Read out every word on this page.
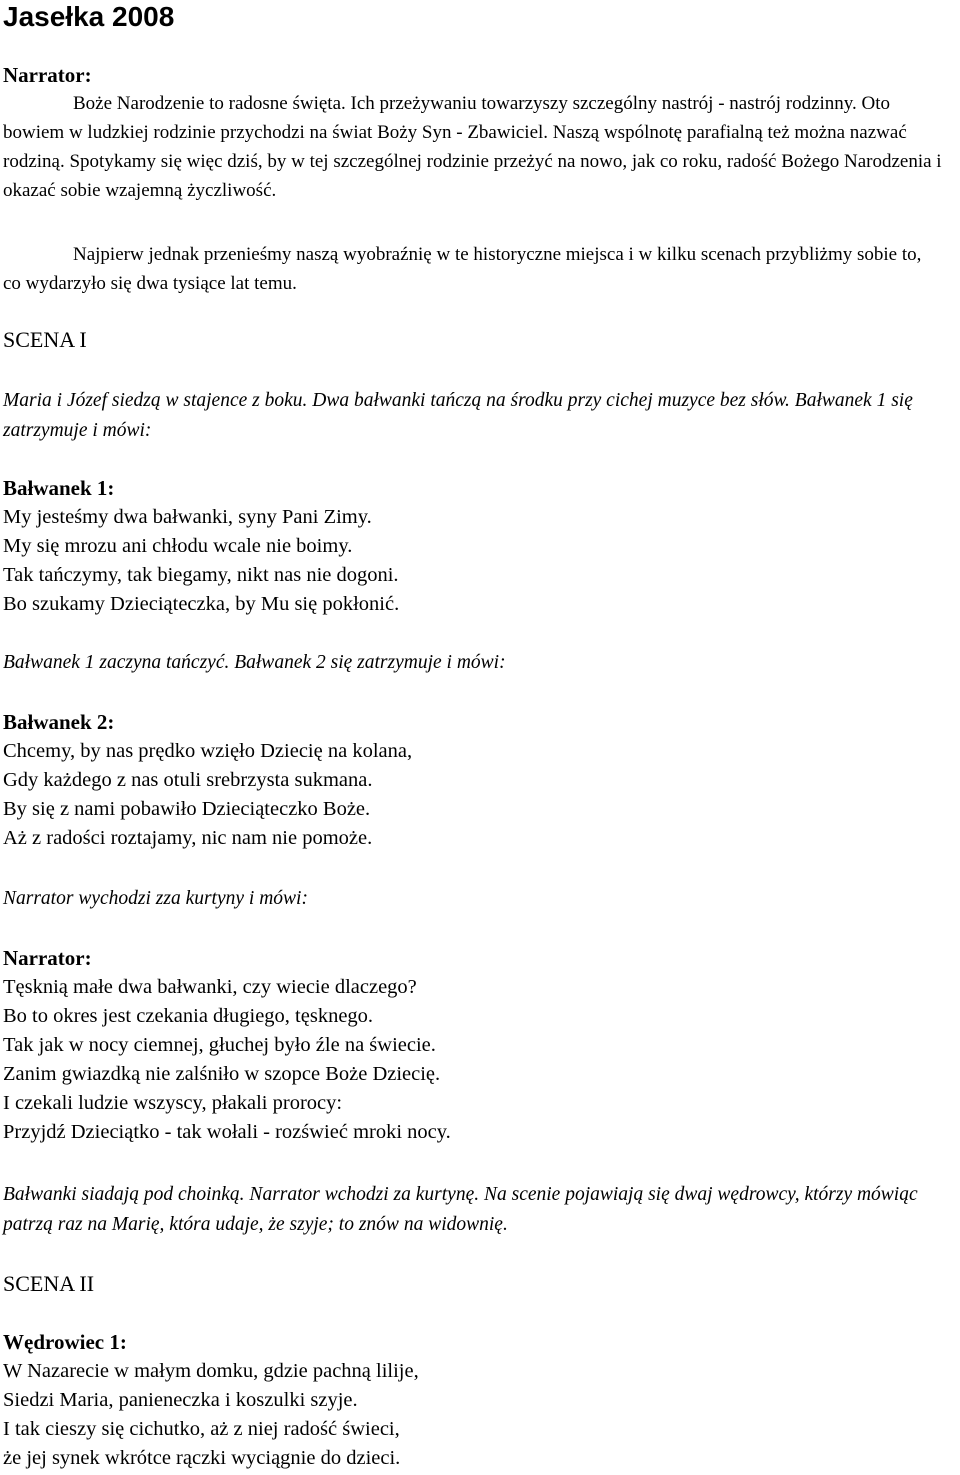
Jasełka 2008
Narrator:

Boże Narodzenie to radosne święta. Ich przeżywaniu towarzyszy szczególny nastrój - nastrój rodzinny. Oto bowiem w ludzkiej rodzinie przychodzi na świat Boży Syn - Zbawiciel. Naszą wspólnotę parafialną też można nazwać rodziną. Spotykamy się więc dziś, by w tej szczególnej rodzinie przeżyć na nowo, jak co roku, radość Bożego Narodzenia i okazać sobie wzajemną życzliwość.

Najpierw jednak przenieśmy naszą wyobraźnię w te historyczne miejsca i w kilku scenach przybliżmy sobie to, co wydarzyło się dwa tysiące lat temu.

SCENA I

Maria i Józef siedzą w stajence z boku. Dwa bałwanki tańczą na środku przy cichej muzyce bez słów. Bałwanek 1 się zatrzymuje i mówi:

Bałwanek 1:
My jesteśmy dwa bałwanki, syny Pani Zimy.
My się mrozu ani chłodu wcale nie boimy.
Tak tańczymy, tak biegamy, nikt nas nie dogoni.
Bo szukamy Dzieciąteczka, by Mu się pokłonić.

Bałwanek 1 zaczyna tańczyć. Bałwanek 2 się zatrzymuje i mówi:

Bałwanek 2:
Chcemy, by nas prędko wzięło Dziecię na kolana,
Gdy każdego z nas otuli srebrzysta sukmana.
By się z nami pobawiło Dzieciąteczko Boże.
Aż z radości roztajamy, nic nam nie pomoże.

Narrator wychodzi zza kurtyny i mówi:

Narrator:
Tęsknią małe dwa bałwanki, czy wiecie dlaczego?
Bo to okres jest czekania długiego, tęsknego.
Tak jak w nocy ciemnej, głuchej było źle na świecie.
Zanim gwiazdką nie zalśniło w szopce Boże Dziecię.
I czekali ludzie wszyscy, płakali prorocy:
Przyjdź Dzieciątko - tak wołali - rozświeć mroki nocy.

Bałwanki siadają pod choinką. Narrator wchodzi za kurtynę. Na scenie pojawiają się dwaj wędrowcy, którzy mówiąc patrzą raz na Marię, która udaje, że szyje; to znów na widownię.

SCENA II
Wędrowiec 1:
W Nazarecie w małym domku, gdzie pachną lilije,
Siedzi Maria, panieneczka i koszulki szyje.
I tak cieszy się cichutko, aż z niej radość świeci,
że jej synek wkrótce rączki wyciągnie do dzieci.
